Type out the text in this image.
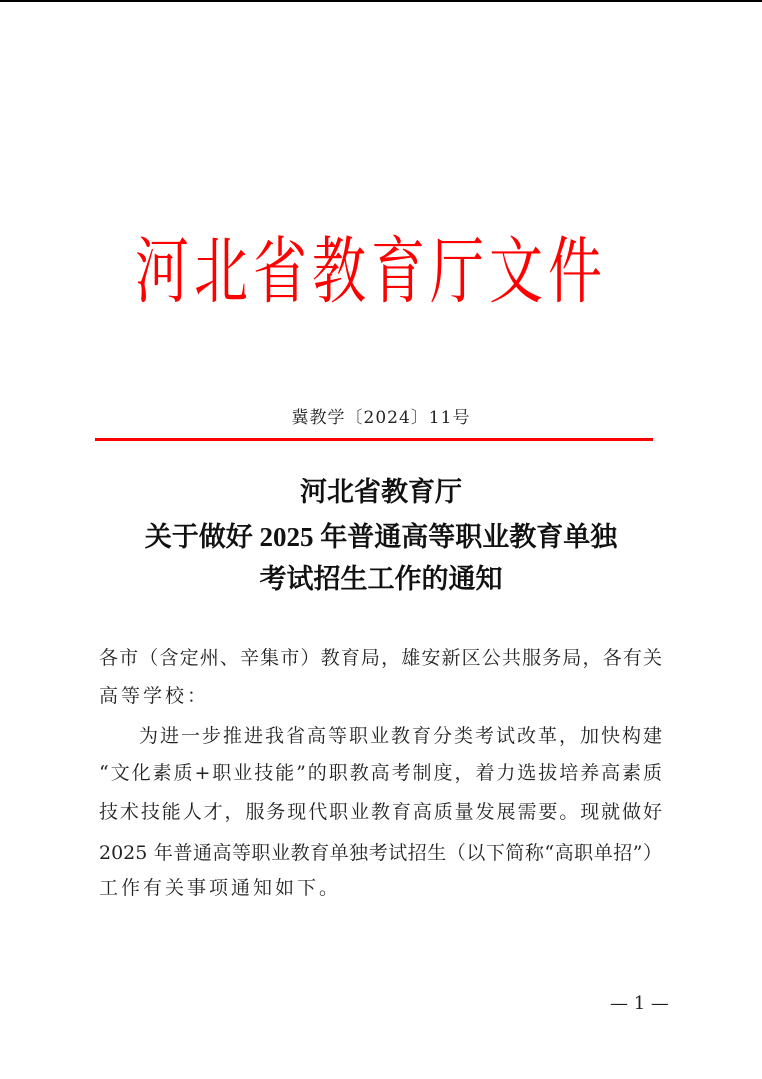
河北省教育厅文件
冀教学〔2024〕11号
河北省教育厅
关于做好 2025 年普通高等职业教育单独
考试招生工作的通知
各市（含定州、辛集市）教育局，雄安新区公共服务局，各有关
高等学校：
为进一步推进我省高等职业教育分类考试改革，加快构建
“文化素质+职业技能”的职教高考制度，着力选拔培养高素质
技术技能人才，服务现代职业教育高质量发展需要。现就做好
2025 年普通高等职业教育单独考试招生（以下简称“高职单招”）
工作有关事项通知如下。
— 1 —
